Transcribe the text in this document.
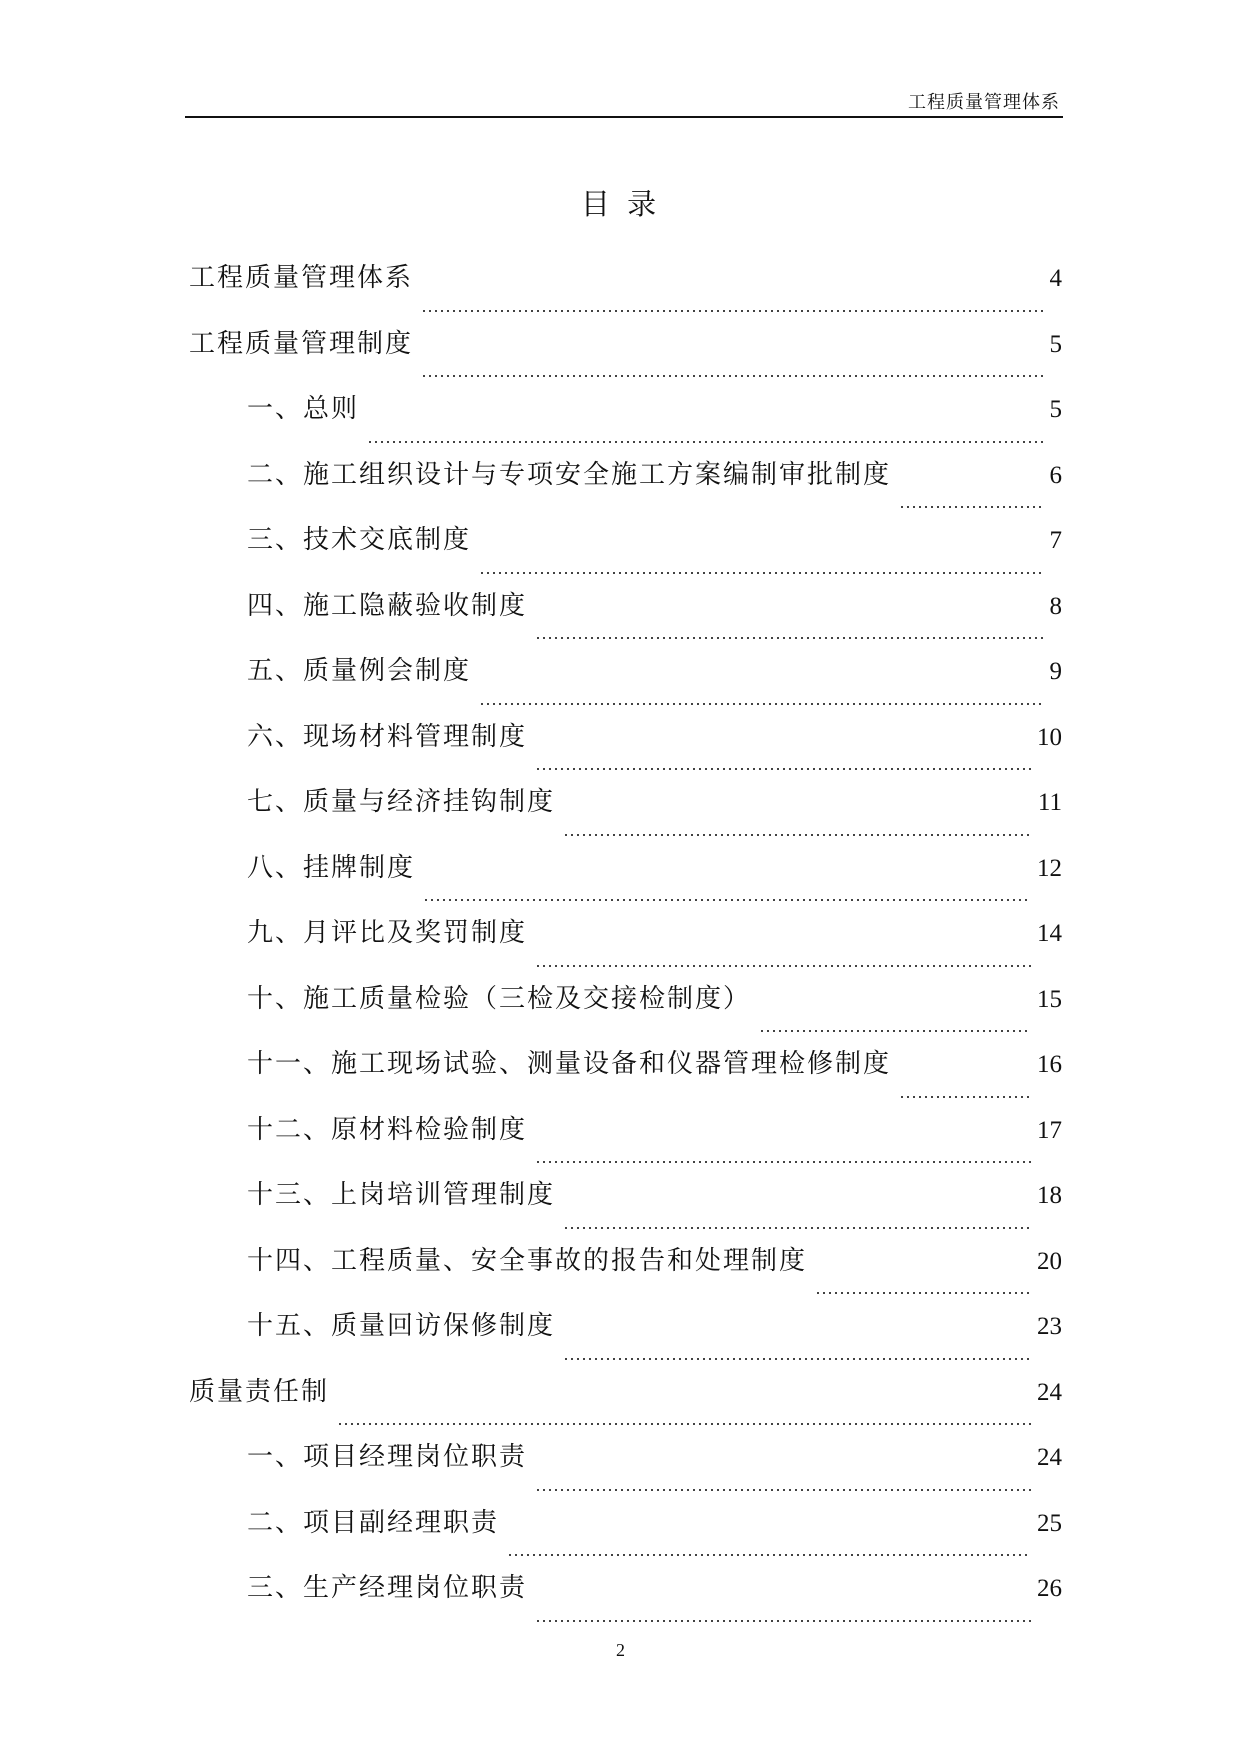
工程质量管理体系
目 录
工程质量管理体系	4
工程质量管理制度	5
一、总则	5
二、施工组织设计与专项安全施工方案编制审批制度	6
三、技术交底制度	7
四、施工隐蔽验收制度	8
五、质量例会制度	9
六、现场材料管理制度	10
七、质量与经济挂钩制度	11
八、挂牌制度	12
九、月评比及奖罚制度	14
十、施工质量检验（三检及交接检制度）	15
十一、施工现场试验、测量设备和仪器管理检修制度	16
十二、原材料检验制度	17
十三、上岗培训管理制度	18
十四、工程质量、安全事故的报告和处理制度	20
十五、质量回访保修制度	23
质量责任制	24
一、项目经理岗位职责	24
二、项目副经理职责	25
三、生产经理岗位职责	26
2
